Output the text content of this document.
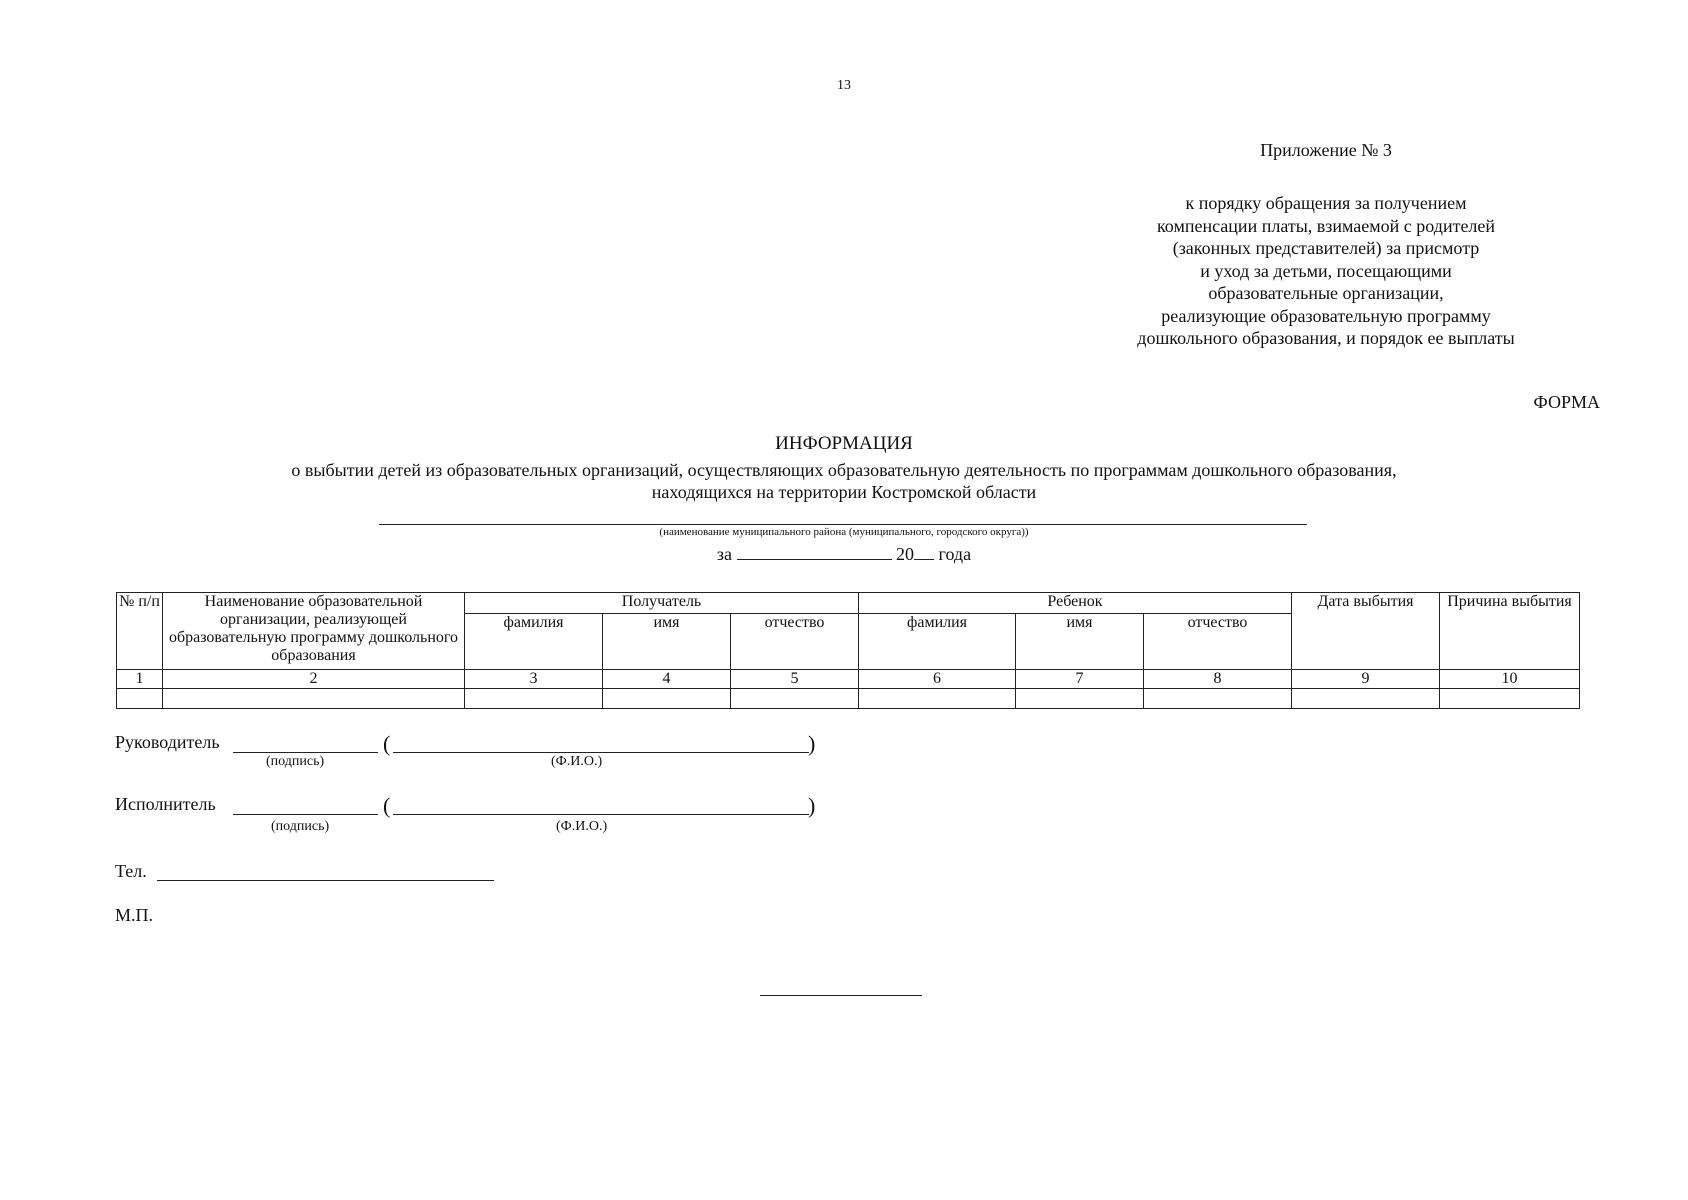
13
Приложение № 3
к порядку обращения за получением
компенсации платы, взимаемой с родителей
(законных представителей) за присмотр
и уход за детьми, посещающими
образовательные организации,
реализующие образовательную программу
дошкольного образования, и порядок ее выплаты
ФОРМА
ИНФОРМАЦИЯ
о выбытии детей из образовательных организаций, осуществляющих образовательную деятельность по программам дошкольного образования,
находящихся на территории Костромской области
(наименование муниципального района (муниципального, городского округа))
за	20 года
№ п/п	Наименование образовательной организации, реализующей образовательную программу дошкольного образования	Получатель			Ребенок			Дата выбытия	Причина выбытия
		фамилия	имя	отчество	фамилия	имя	отчество		
1	2	3	4	5	6	7	8	9	10

Руководитель	(	)
(подпись)	(Ф.И.О.)
Исполнитель	(	)
(подпись)	(Ф.И.О.)
Тел.
М.П.
